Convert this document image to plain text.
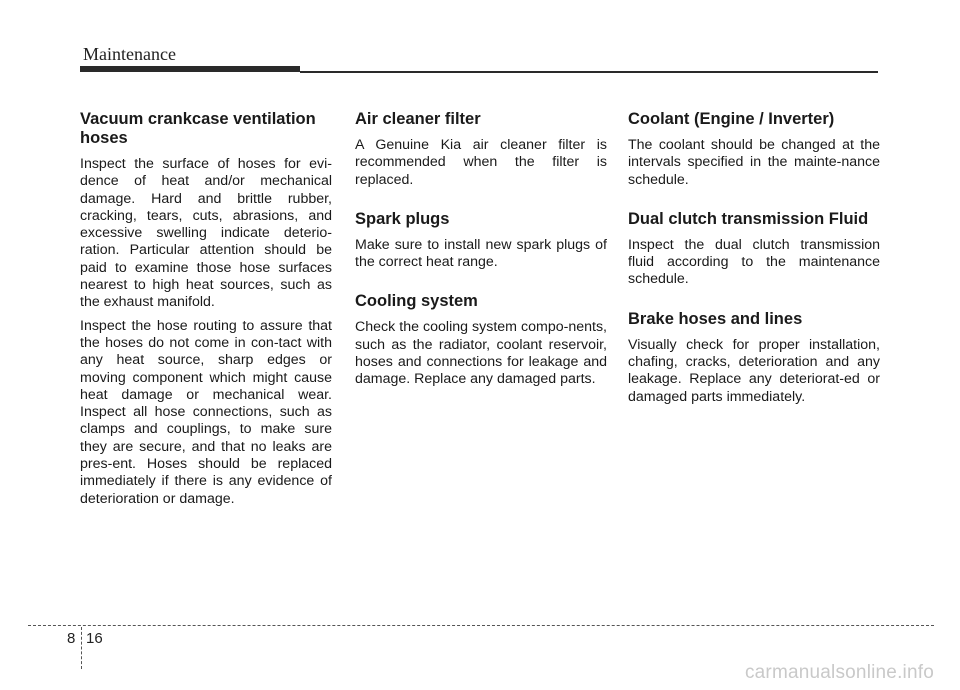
Maintenance
Vacuum crankcase ventilation
hoses

Inspect the surface of hoses for evi-dence of heat and/or mechanical damage. Hard and brittle rubber, cracking, tears, cuts, abrasions, and excessive swelling indicate deterio-ration. Particular attention should be paid to examine those hose surfaces nearest to high heat sources, such as the exhaust manifold.

Inspect the hose routing to assure that the hoses do not come in con-tact with any heat source, sharp edges or moving component which might cause heat damage or mechanical wear. Inspect all hose connections, such as clamps and couplings, to make sure they are secure, and that no leaks are pres-ent. Hoses should be replaced immediately if there is any evidence of deterioration or damage.

Air cleaner filter

A Genuine Kia air cleaner filter is recommended when the filter is replaced.

Spark plugs

Make sure to install new spark plugs of the correct heat range.

Cooling system

Check the cooling system compo-nents, such as the radiator, coolant reservoir, hoses and connections for leakage and damage. Replace any damaged parts.

Coolant (Engine / Inverter)

The coolant should be changed at the intervals specified in the mainte-nance schedule.

Dual clutch transmission Fluid

Inspect the dual clutch transmission fluid according to the maintenance schedule.

Brake hoses and lines

Visually check for proper installation, chafing, cracks, deterioration and any leakage. Replace any deteriorat-ed or damaged parts immediately.

8 16
carmanualsonline.info
